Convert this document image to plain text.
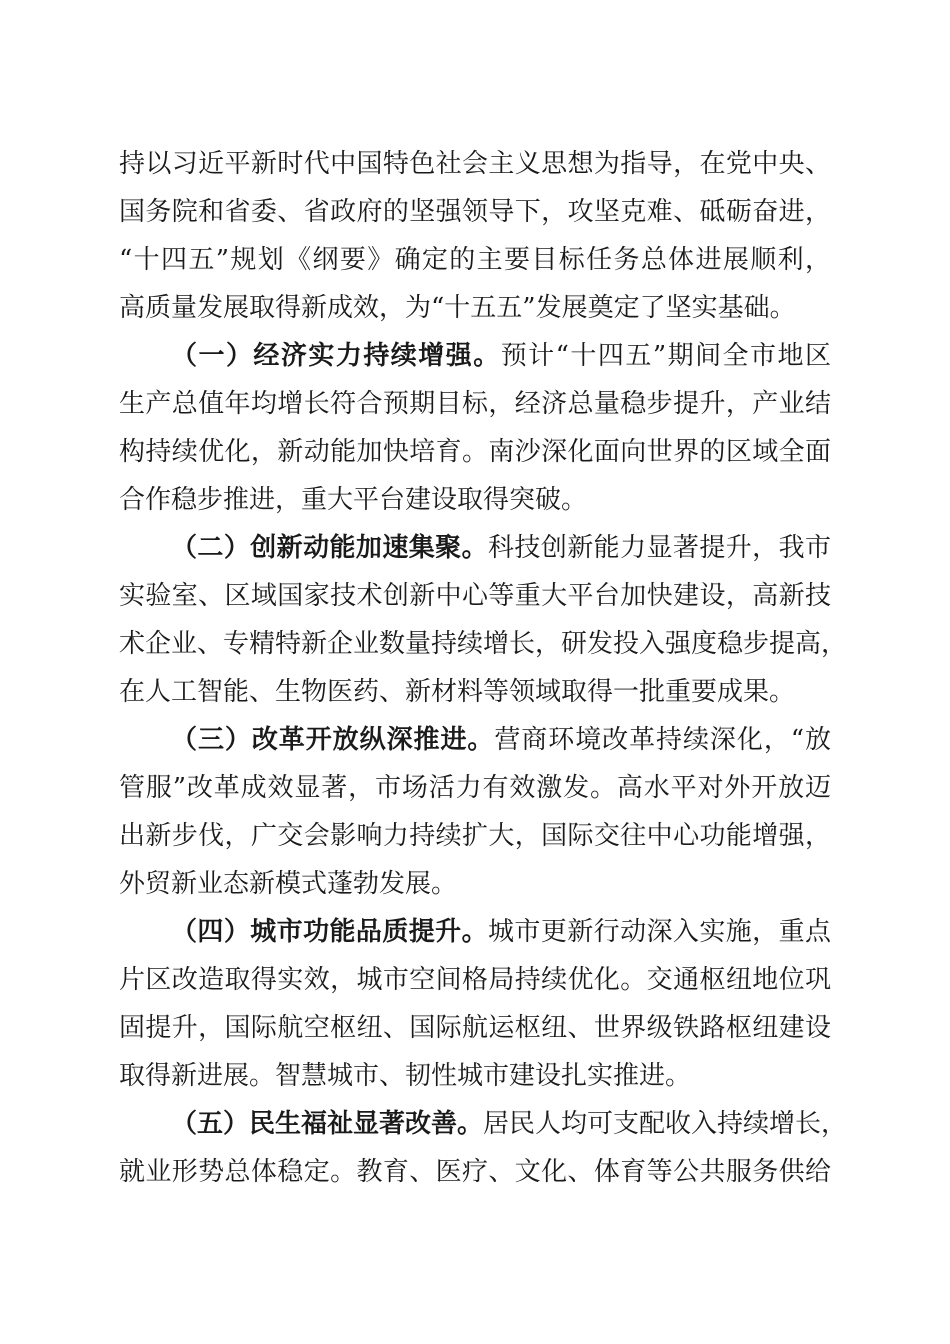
持以习近平新时代中国特色社会主义思想为指导，在党中央、
国务院和省委、省政府的坚强领导下，攻坚克难、砥砺奋进，
“十四五”规划《纲要》确定的主要目标任务总体进展顺利，
高质量发展取得新成效，为“十五五”发展奠定了坚实基础。
（一）经济实力持续增强。预计“十四五”期间全市地区
生产总值年均增长符合预期目标，经济总量稳步提升，产业结
构持续优化，新动能加快培育。南沙深化面向世界的区域全面
合作稳步推进，重大平台建设取得突破。
（二）创新动能加速集聚。科技创新能力显著提升，我市
实验室、区域国家技术创新中心等重大平台加快建设，高新技
术企业、专精特新企业数量持续增长，研发投入强度稳步提高，
在人工智能、生物医药、新材料等领域取得一批重要成果。
（三）改革开放纵深推进。营商环境改革持续深化，“放
管服”改革成效显著，市场活力有效激发。高水平对外开放迈
出新步伐，广交会影响力持续扩大，国际交往中心功能增强，
外贸新业态新模式蓬勃发展。
（四）城市功能品质提升。城市更新行动深入实施，重点
片区改造取得实效，城市空间格局持续优化。交通枢纽地位巩
固提升，国际航空枢纽、国际航运枢纽、世界级铁路枢纽建设
取得新进展。智慧城市、韧性城市建设扎实推进。
（五）民生福祉显著改善。居民人均可支配收入持续增长，
就业形势总体稳定。教育、医疗、文化、体育等公共服务供给
